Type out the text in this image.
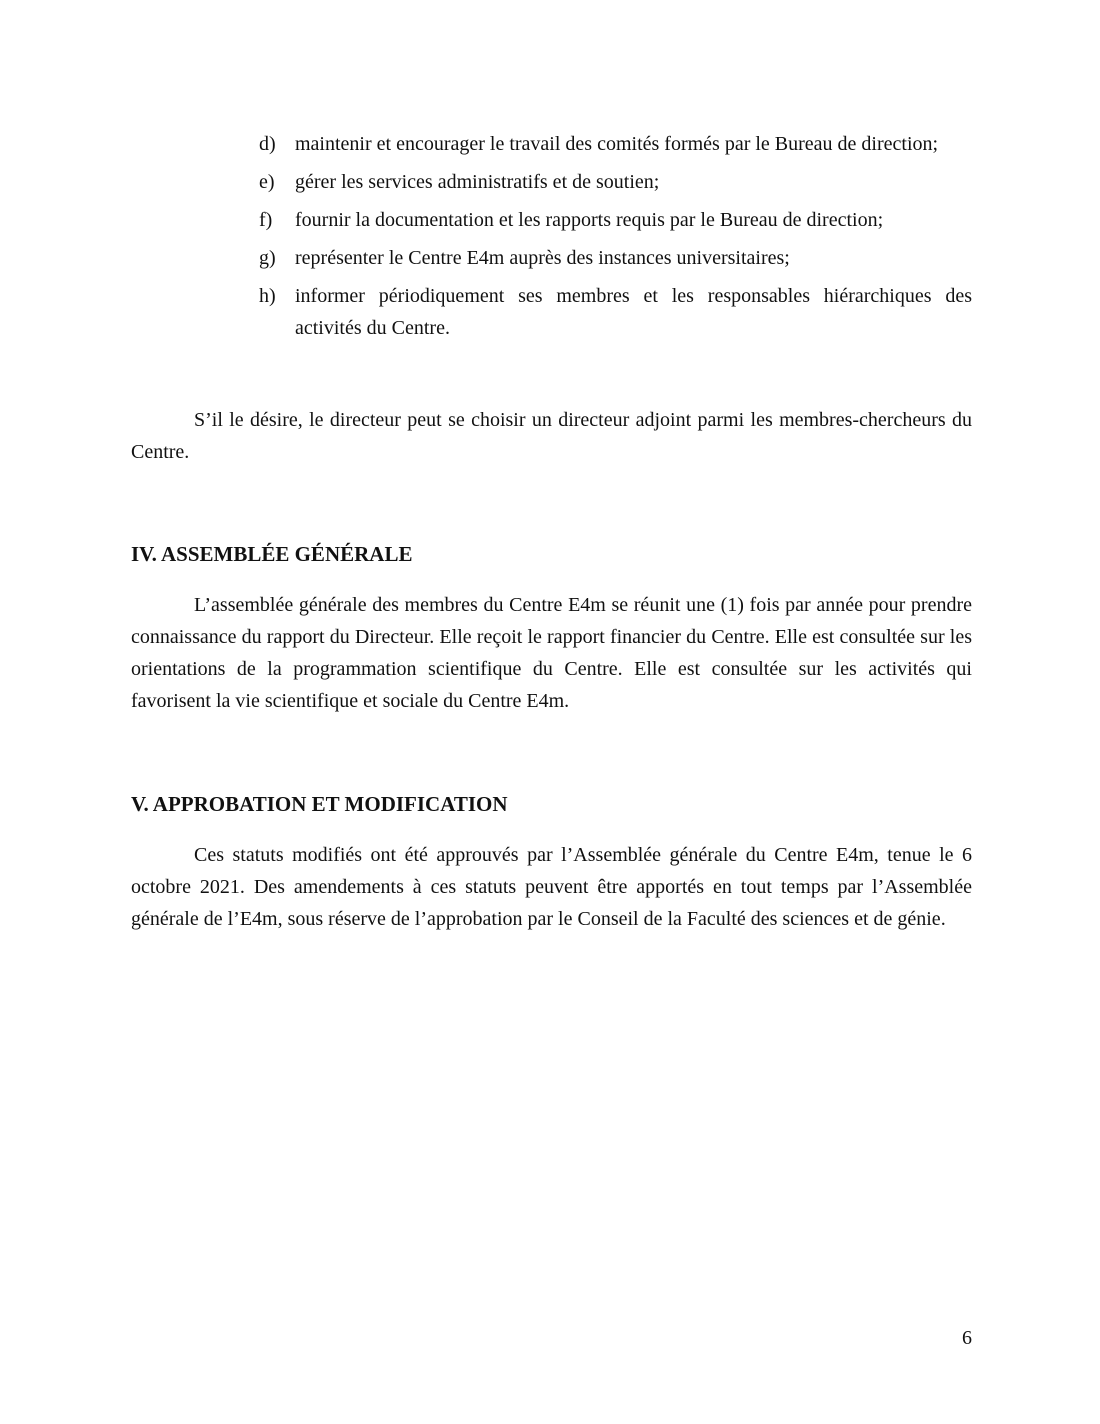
d) maintenir et encourager le travail des comités formés par le Bureau de direction;
e)	gérer les services administratifs et de soutien;
f)	fournir la documentation et les rapports requis par le Bureau de direction;
g) représenter le Centre E4m auprès des instances universitaires;
h) informer périodiquement ses membres et les responsables hiérarchiques des activités du Centre.

S’il le désire, le directeur peut se choisir un directeur adjoint parmi les membres-chercheurs du Centre.

IV. ASSEMBLÉE GÉNÉRALE

L’assemblée générale des membres du Centre E4m se réunit une (1) fois par année pour prendre connaissance du rapport du Directeur. Elle reçoit le rapport financier du Centre. Elle est consultée sur les orientations de la programmation scientifique du Centre. Elle est consultée sur les activités qui favorisent la vie scientifique et sociale du Centre E4m.

V. APPROBATION ET MODIFICATION

Ces statuts modifiés ont été approuvés par l’Assemblée générale du Centre E4m, tenue le 6 octobre 2021. Des amendements à ces statuts peuvent être apportés en tout temps par l’Assemblée générale de l’E4m, sous réserve de l’approbation par le Conseil de la Faculté des sciences et de génie.

6
